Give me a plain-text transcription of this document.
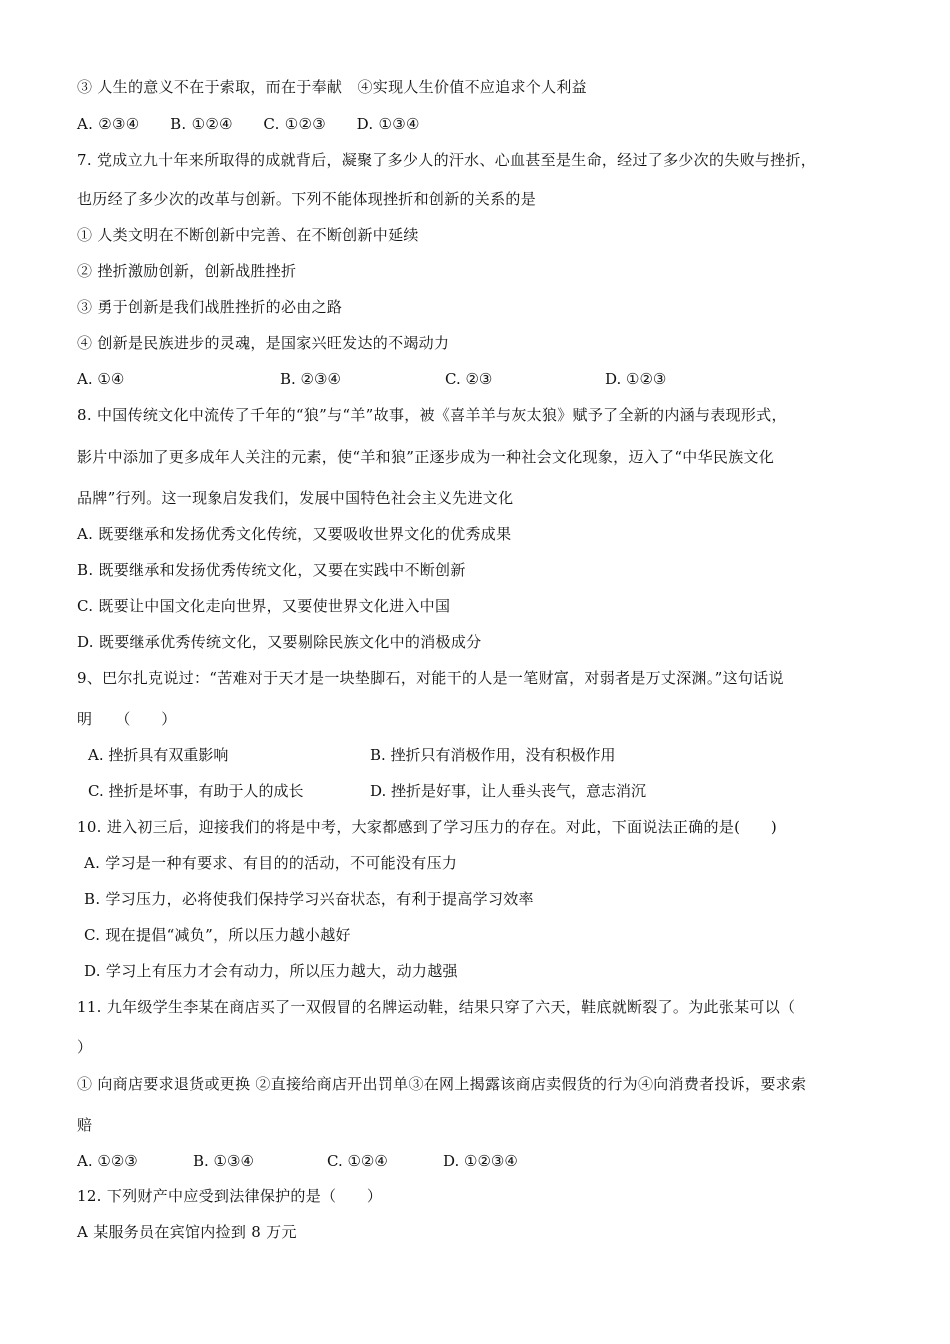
③ 人生的意义不在于索取，而在于奉献　④实现人生价值不应追求个人利益
A. ②③④　　B. ①②④　　C. ①②③　　D. ①③④
7. 党成立九十年来所取得的成就背后，凝聚了多少人的汗水、心血甚至是生命，经过了多少次的失败与挫折，
也历经了多少次的改革与创新。下列不能体现挫折和创新的关系的是
① 人类文明在不断创新中完善、在不断创新中延续
② 挫折激励创新，创新战胜挫折
③ 勇于创新是我们战胜挫折的必由之路
④ 创新是民族进步的灵魂，是国家兴旺发达的不竭动力
A. ①④	B. ②③④	C. ②③	D. ①②③
8. 中国传统文化中流传了千年的“狼”与“羊”故事，被《喜羊羊与灰太狼》赋予了全新的内涵与表现形式，
影片中添加了更多成年人关注的元素，使“羊和狼”正逐步成为一种社会文化现象，迈入了“中华民族文化
品牌”行列。这一现象启发我们，发展中国特色社会主义先进文化
A. 既要继承和发扬优秀文化传统，又要吸收世界文化的优秀成果
B. 既要继承和发扬优秀传统文化，又要在实践中不断创新
C. 既要让中国文化走向世界，又要使世界文化进入中国
D. 既要继承优秀传统文化，又要剔除民族文化中的消极成分
9、巴尔扎克说过：“苦难对于天才是一块垫脚石，对能干的人是一笔财富，对弱者是万丈深渊。”这句话说
明　　（　　）
A. 挫折具有双重影响	B. 挫折只有消极作用，没有积极作用
C. 挫折是坏事，有助于人的成长	D. 挫折是好事，让人垂头丧气，意志消沉
10. 进入初三后，迎接我们的将是中考，大家都感到了学习压力的存在。对此，下面说法正确的是(　　)
A. 学习是一种有要求、有目的的活动，不可能没有压力
B. 学习压力，必将使我们保持学习兴奋状态，有利于提高学习效率
C. 现在提倡“减负”，所以压力越小越好
D. 学习上有压力才会有动力，所以压力越大，动力越强
11. 九年级学生李某在商店买了一双假冒的名牌运动鞋，结果只穿了六天，鞋底就断裂了。为此张某可以（
）
① 向商店要求退货或更换 ②直接给商店开出罚单③在网上揭露该商店卖假货的行为④向消费者投诉，要求索
赔
A. ①②③	B. ①③④	C. ①②④	D. ①②③④
12. 下列财产中应受到法律保护的是（　　）
A 某服务员在宾馆内捡到 8 万元
